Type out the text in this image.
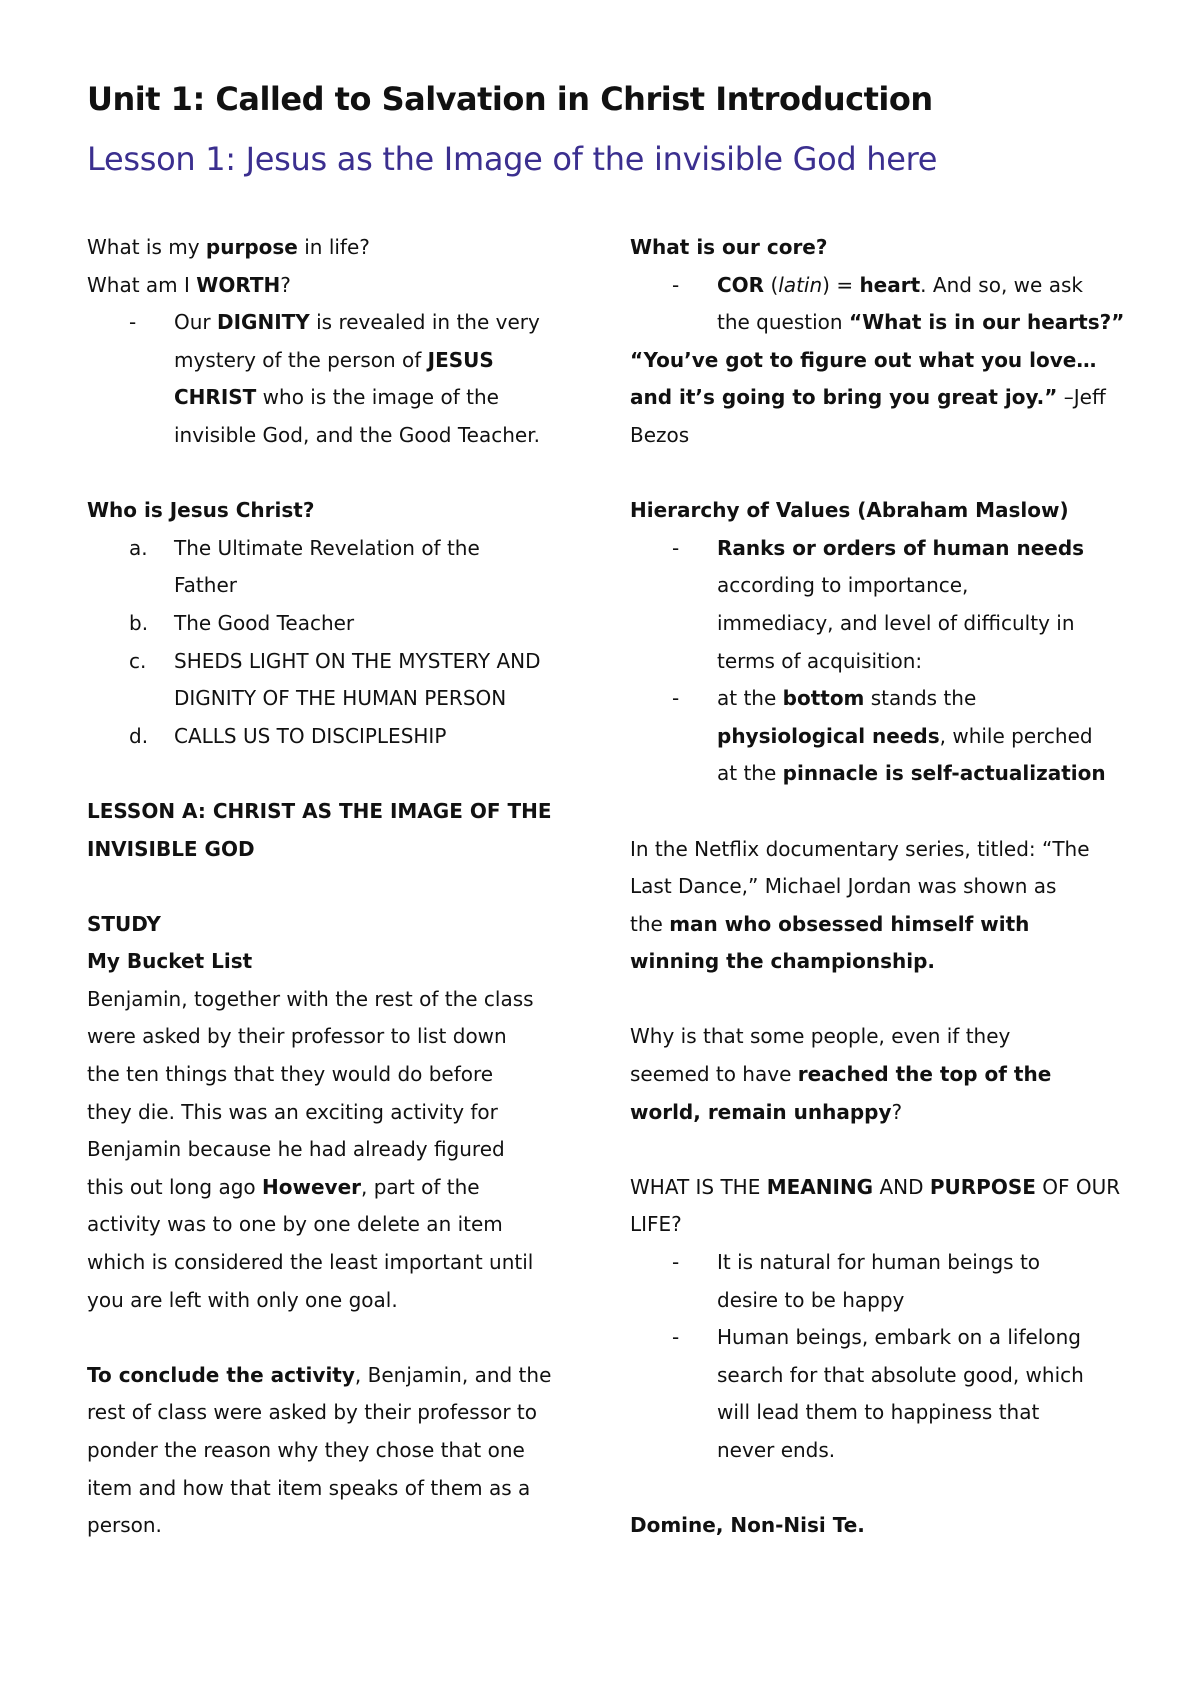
Unit 1: Called to Salvation in Christ Introduction
Lesson 1: Jesus as the Image of the invisible God here

What is my purpose in life?

What am I WORTH?

- Our DIGNITY is revealed in the very

mystery of the person of JESUS

CHRIST who is the image of the

invisible God, and the Good Teacher.

Who is Jesus Christ?

a. The Ultimate Revelation of the

Father

b. The Good Teacher

c. SHEDS LIGHT ON THE MYSTERY AND

DIGNITY OF THE HUMAN PERSON

d. CALLS US TO DISCIPLESHIP

LESSON A: CHRIST AS THE IMAGE OF THE

INVISIBLE GOD

STUDY

My Bucket List

Benjamin, together with the rest of the class

were asked by their professor to list down

the ten things that they would do before

they die. This was an exciting activity for

Benjamin because he had already figured

this out long ago However, part of the

activity was to one by one delete an item

which is considered the least important until

you are left with only one goal.

To conclude the activity, Benjamin, and the

rest of class were asked by their professor to

ponder the reason why they chose that one

item and how that item speaks of them as a

person.

What is our core?

- COR (latin) = heart. And so, we ask

the question “What is in our hearts?”

“You’ve got to figure out what you love…

and it’s going to bring you great joy.” –Jeff

Bezos

Hierarchy of Values (Abraham Maslow)

- Ranks or orders of human needs

according to importance,

immediacy, and level of difficulty in

terms of acquisition:

- at the bottom stands the

physiological needs, while perched

at the pinnacle is self-actualization

In the Netflix documentary series, titled: “The

Last Dance,” Michael Jordan was shown as

the man who obsessed himself with

winning the championship.

Why is that some people, even if they

seemed to have reached the top of the

world, remain unhappy?

WHAT IS THE MEANING AND PURPOSE OF OUR

LIFE?

- It is natural for human beings to

desire to be happy

- Human beings, embark on a lifelong

search for that absolute good, which

will lead them to happiness that

never ends.

Domine, Non-Nisi Te.
